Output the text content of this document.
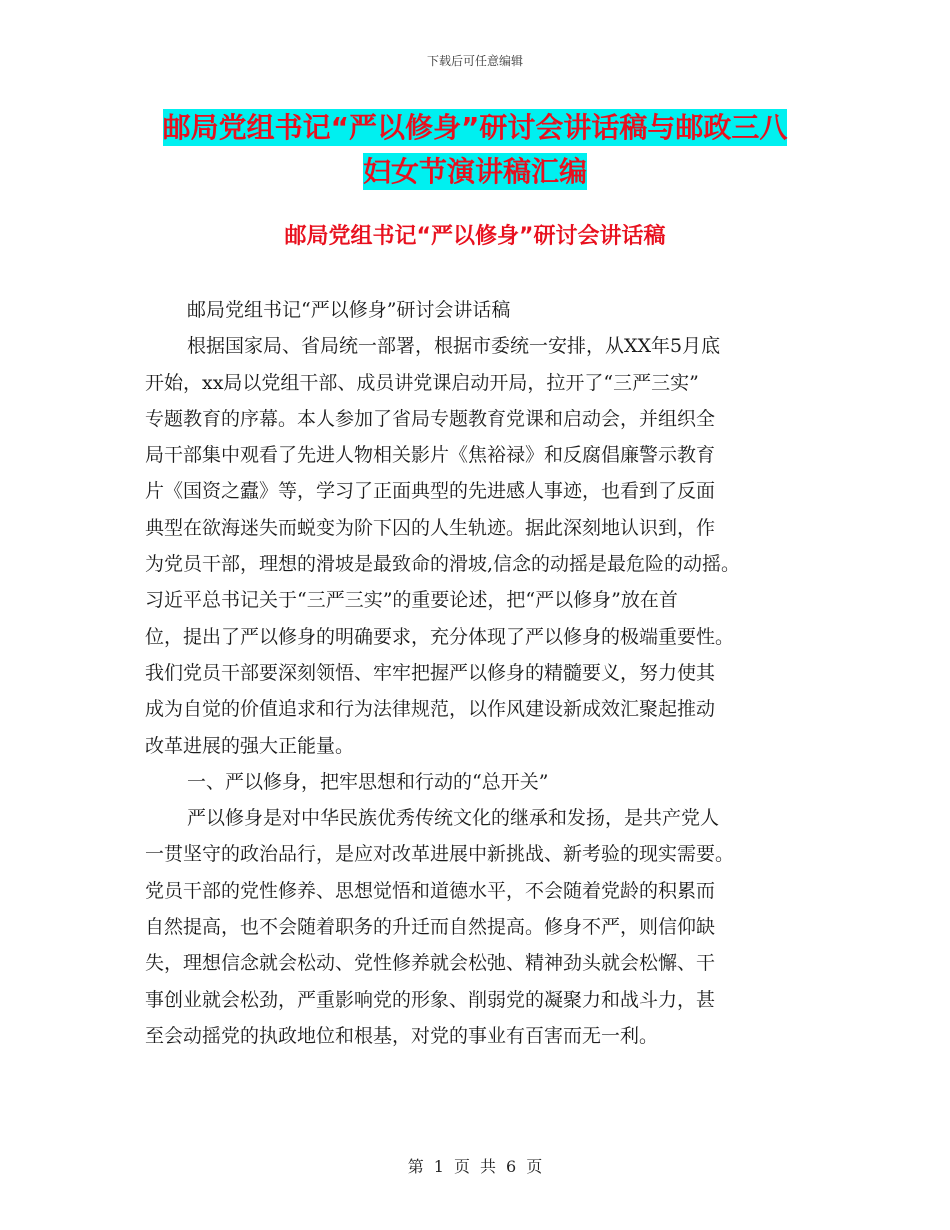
下载后可任意编辑
邮局党组书记“严以修身”研讨会讲话稿与邮政三八
妇女节演讲稿汇编
邮局党组书记“严以修身”研讨会讲话稿
邮局党组书记“严以修身”研讨会讲话稿
根据国家局、省局统一部署，根据市委统一安排，从XX年5月底
开始，xx局以党组干部、成员讲党课启动开局，拉开了“三严三实”
专题教育的序幕。本人参加了省局专题教育党课和启动会，并组织全
局干部集中观看了先进人物相关影片《焦裕禄》和反腐倡廉警示教育
片《国资之蠹》等，学习了正面典型的先进感人事迹，也看到了反面
典型在欲海迷失而蜕变为阶下囚的人生轨迹。据此深刻地认识到，作
为党员干部，理想的滑坡是最致命的滑坡,信念的动摇是最危险的动摇。
习近平总书记关于“三严三实”的重要论述，把“严以修身”放在首
位，提出了严以修身的明确要求，充分体现了严以修身的极端重要性。
我们党员干部要深刻领悟、牢牢把握严以修身的精髓要义，努力使其
成为自觉的价值追求和行为法律规范，以作风建设新成效汇聚起推动
改革进展的强大正能量。
一、严以修身，把牢思想和行动的“总开关”
严以修身是对中华民族优秀传统文化的继承和发扬，是共产党人
一贯坚守的政治品行，是应对改革进展中新挑战、新考验的现实需要。
党员干部的党性修养、思想觉悟和道德水平，不会随着党龄的积累而
自然提高，也不会随着职务的升迁而自然提高。修身不严，则信仰缺
失，理想信念就会松动、党性修养就会松弛、精神劲头就会松懈、干
事创业就会松劲，严重影响党的形象、削弱党的凝聚力和战斗力，甚
至会动摇党的执政地位和根基，对党的事业有百害而无一利。
第 1 页 共 6 页
